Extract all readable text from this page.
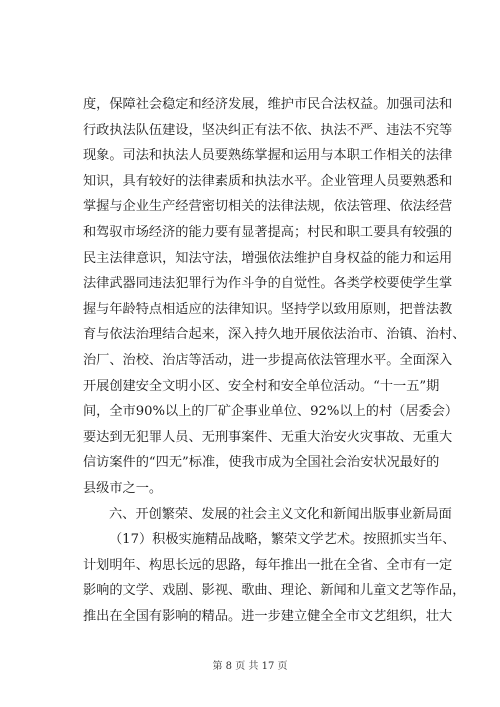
度，保障社会稳定和经济发展，维护市民合法权益。加强司法和
行政执法队伍建设，坚决纠正有法不依、执法不严、违法不究等
现象。司法和执法人员要熟练掌握和运用与本职工作相关的法律
知识，具有较好的法律素质和执法水平。企业管理人员要熟悉和
掌握与企业生产经营密切相关的法律法规，依法管理、依法经营
和驾驭市场经济的能力要有显著提高；村民和职工要具有较强的
民主法律意识，知法守法，增强依法维护自身权益的能力和运用
法律武器同违法犯罪行为作斗争的自觉性。各类学校要使学生掌
握与年龄特点相适应的法律知识。坚持学以致用原则，把普法教
育与依法治理结合起来，深入持久地开展依法治市、治镇、治村、
治厂、治校、治店等活动，进一步提高依法管理水平。全面深入
开展创建安全文明小区、安全村和安全单位活动。“十一五”期
间，全市90%以上的厂矿企事业单位、92%以上的村（居委会）
要达到无犯罪人员、无刑事案件、无重大治安火灾事故、无重大
信访案件的“四无”标准，使我市成为全国社会治安状况最好的
县级市之一。
六、开创繁荣、发展的社会主义文化和新闻出版事业新局面
（17）积极实施精品战略，繁荣文学艺术。按照抓实当年、
计划明年、构思长远的思路，每年推出一批在全省、全市有一定
影响的文学、戏剧、影视、歌曲、理论、新闻和儿童文艺等作品，
推出在全国有影响的精品。进一步建立健全全市文艺组织，壮大
第 8 页 共 17 页
